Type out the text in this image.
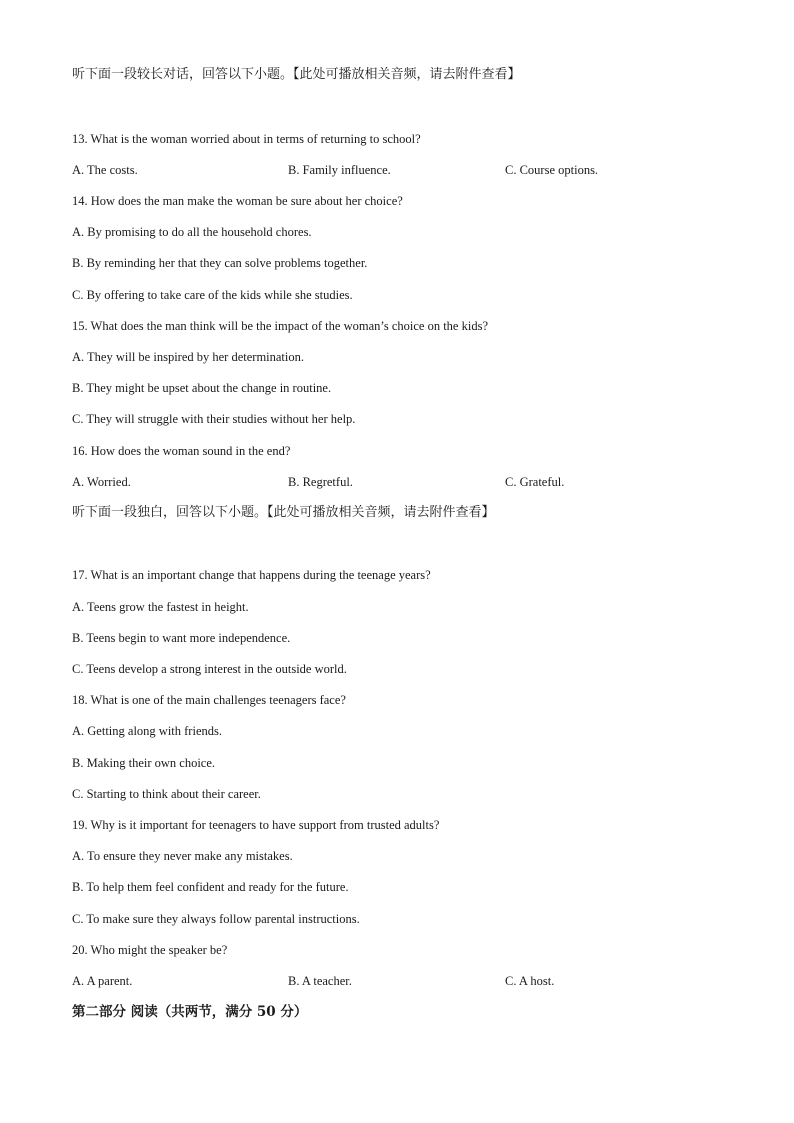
听下面一段较长对话，回答以下小题。【此处可播放相关音频，请去附件查看】
13. What is the woman worried about in terms of returning to school?
A. The costs.	B. Family influence.	C. Course options.
14. How does the man make the woman be sure about her choice?
A. By promising to do all the household chores.
B. By reminding her that they can solve problems together.
C. By offering to take care of the kids while she studies.
15. What does the man think will be the impact of the woman’s choice on the kids?
A. They will be inspired by her determination.
B. They might be upset about the change in routine.
C. They will struggle with their studies without her help.
16. How does the woman sound in the end?
A. Worried.	B. Regretful.	C. Grateful.
听下面一段独白，回答以下小题。【此处可播放相关音频，请去附件查看】
17. What is an important change that happens during the teenage years?
A. Teens grow the fastest in height.
B. Teens begin to want more independence.
C. Teens develop a strong interest in the outside world.
18. What is one of the main challenges teenagers face?
A. Getting along with friends.
B. Making their own choice.
C. Starting to think about their career.
19. Why is it important for teenagers to have support from trusted adults?
A. To ensure they never make any mistakes.
B. To help them feel confident and ready for the future.
C. To make sure they always follow parental instructions.
20. Who might the speaker be?
A. A parent.	B. A teacher.	C. A host.
第二部分 阅读（共两节，满分 50 分）
